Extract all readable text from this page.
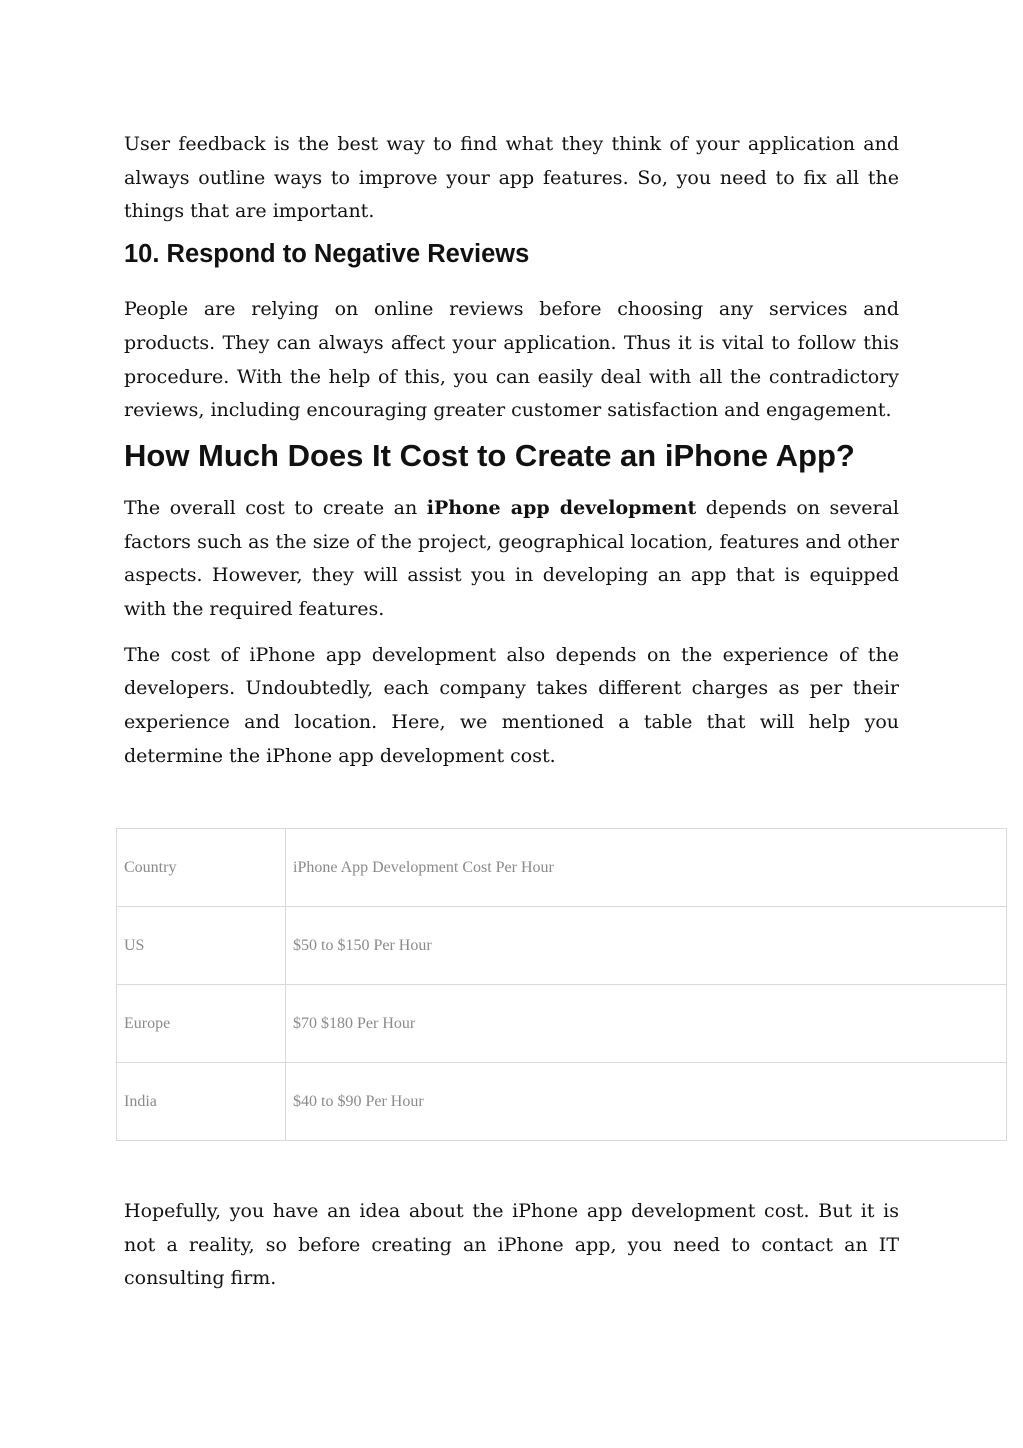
User feedback is the best way to find what they think of your application and always outline ways to improve your app features. So, you need to fix all the things that are important.

10. Respond to Negative Reviews

People are relying on online reviews before choosing any services and products. They can always affect your application. Thus it is vital to follow this procedure. With the help of this, you can easily deal with all the contradictory reviews, including encouraging greater customer satisfaction and engagement.

How Much Does It Cost to Create an iPhone App?

The overall cost to create an iPhone app development depends on several factors such as the size of the project, geographical location, features and other aspects. However, they will assist you in developing an app that is equipped with the required features.

The cost of iPhone app development also depends on the experience of the developers. Undoubtedly, each company takes different charges as per their experience and location. Here, we mentioned a table that will help you determine the iPhone app development cost.

Country	iPhone App Development Cost Per Hour
US	$50 to $150 Per Hour
Europe	$70 $180 Per Hour
India	$40 to $90 Per Hour

Hopefully, you have an idea about the iPhone app development cost. But it is not a reality, so before creating an iPhone app, you need to contact an IT consulting firm.
